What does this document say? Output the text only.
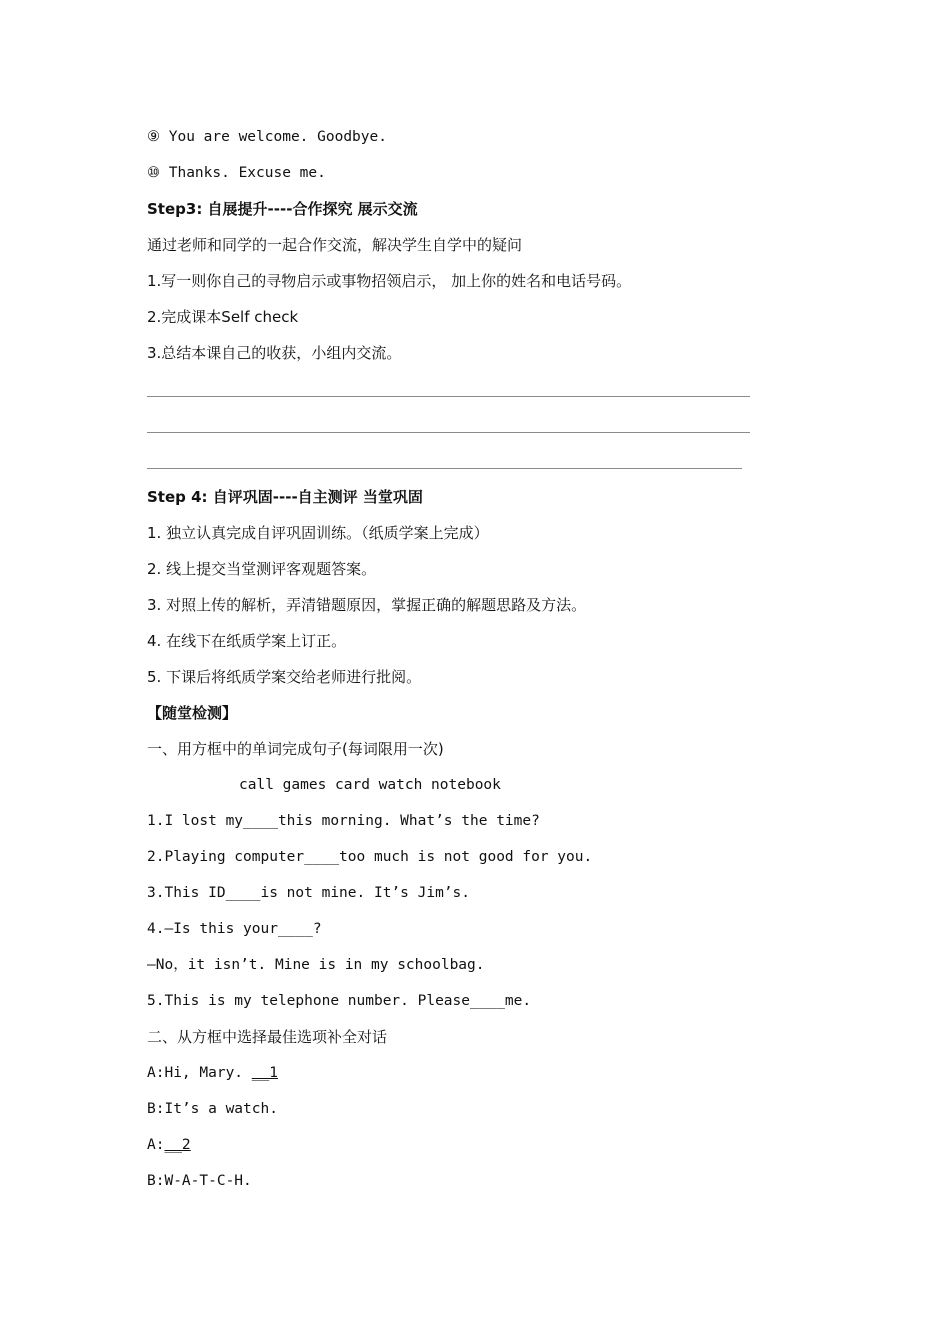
⑨ You are welcome. Goodbye.
⑩ Thanks. Excuse me.
Step3: 自展提升----合作探究 展示交流
通过老师和同学的一起合作交流，解决学生自学中的疑问
1.写一则你自己的寻物启示或事物招领启示， 加上你的姓名和电话号码。
2.完成课本Self check
3.总结本课自己的收获，小组内交流。
Step 4: 自评巩固----自主测评 当堂巩固
1. 独立认真完成自评巩固训练。（纸质学案上完成）
2. 线上提交当堂测评客观题答案。
3. 对照上传的解析，弄清错题原因，掌握正确的解题思路及方法。
4. 在线下在纸质学案上订正。
5. 下课后将纸质学案交给老师进行批阅。
【随堂检测】
一、用方框中的单词完成句子(每词限用一次)
call games card watch notebook
1.I lost my____this morning. What’s the time?
2.Playing computer____too much is not good for you.
3.This ID____is not mine. It’s Jim’s.
4.—Is this your____?
—No，it isn’t. Mine is in my schoolbag.
5.This is my telephone number. Please____me.
二、从方框中选择最佳选项补全对话
A:Hi, Mary. __1
B:It’s a watch.
A:__2
B:W-A-T-C-H.
